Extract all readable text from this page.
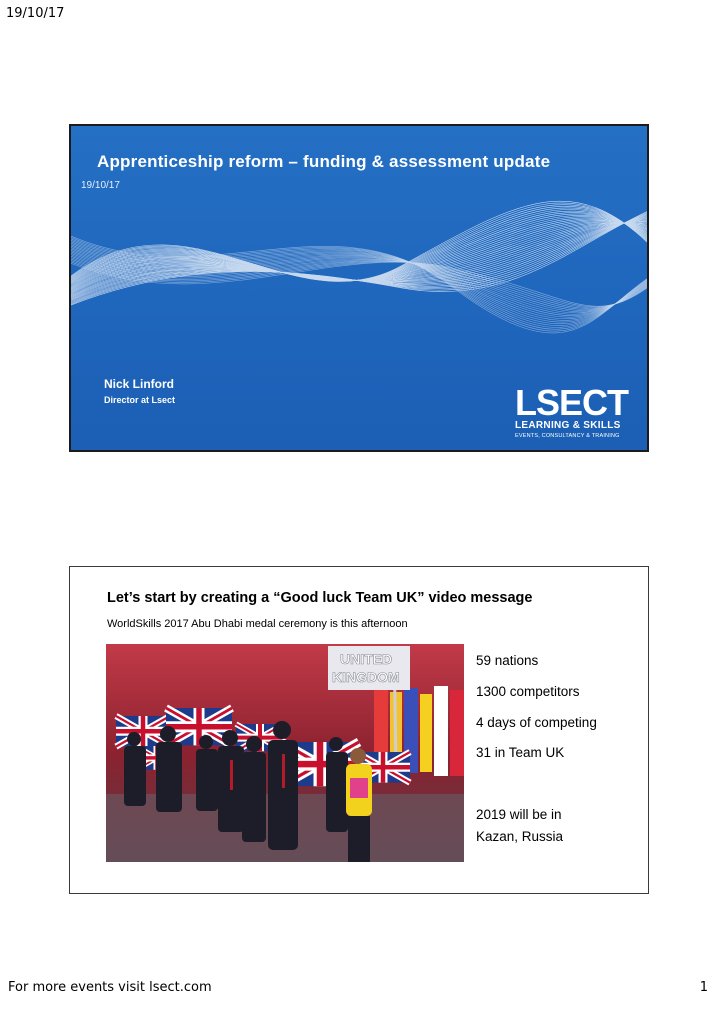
19/10/17
Apprenticeship reform – funding & assessment update
19/10/17
Nick Linford
Director at Lsect	LSECT
LEARNING & SKILLS
EVENTS, CONSULTANCY & TRAINING
Let’s start by creating a “Good luck Team UK” video message
WorldSkills 2017 Abu Dhabi medal ceremony is this afternoon
UNITED
KINGDOM
59 nations
1300 competitors
4 days of competing
31 in Team UK
2019 will be in
Kazan, Russia
For more events visit lsect.com	1
